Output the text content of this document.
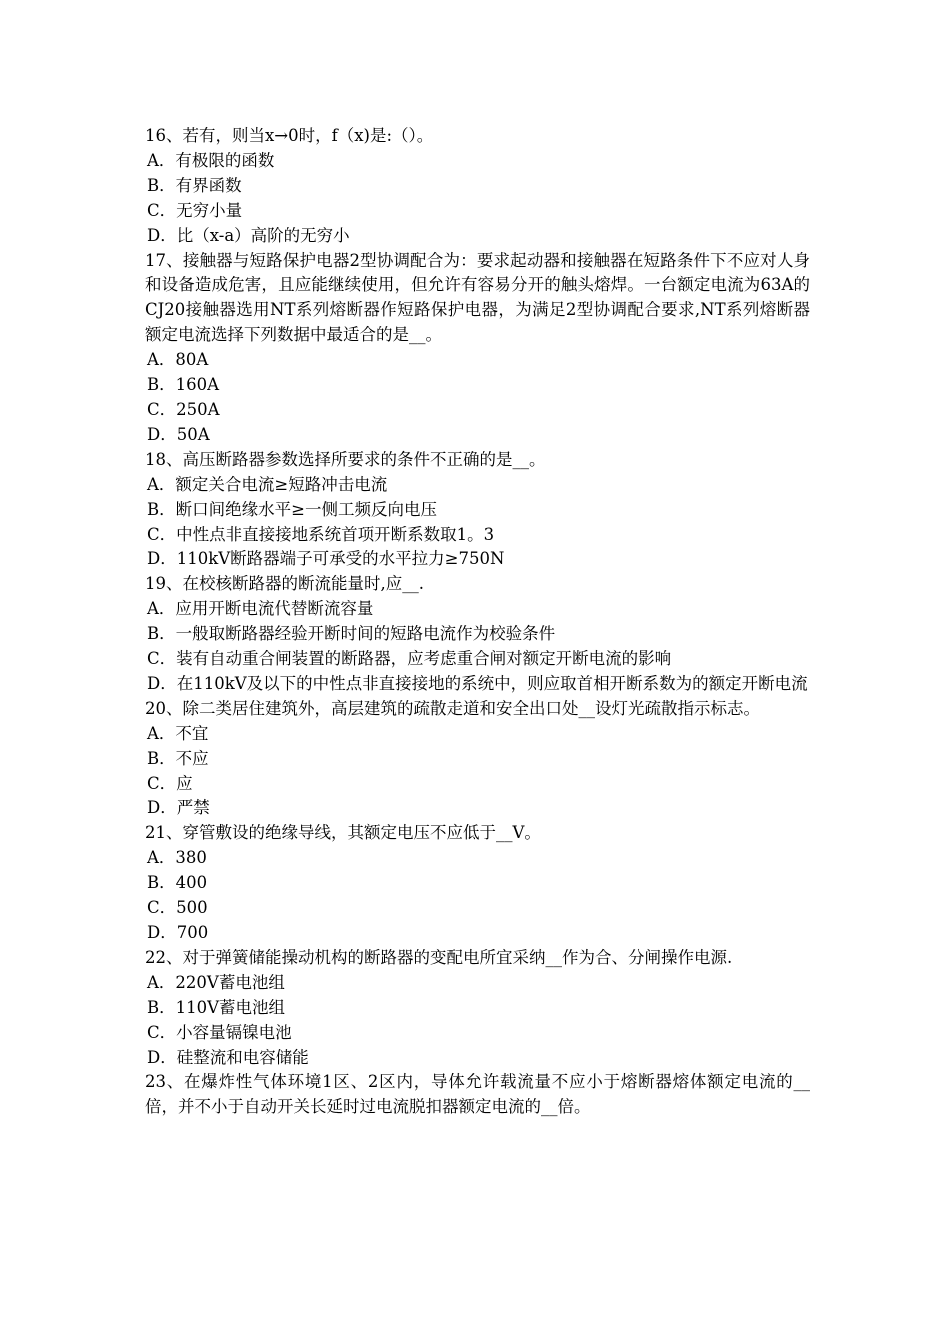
16、若有，则当x→0时，f（x)是:（）。

A．有极限的函数

B．有界函数

C．无穷小量

D．比（x-a）高阶的无穷小

17、接触器与短路保护电器2型协调配合为：要求起动器和接触器在短路条件下不应对人身和设备造成危害，且应能继续使用，但允许有容易分开的触头熔焊。一台额定电流为63A的CJ20接触器选用NT系列熔断器作短路保护电器，为满足2型协调配合要求,NT系列熔断器额定电流选择下列数据中最适合的是__。

A．80A

B．160A

C．250A

D．50A

18、高压断路器参数选择所要求的条件不正确的是__。

A．额定关合电流≥短路冲击电流

B．断口间绝缘水平≥一侧工频反向电压

C．中性点非直接接地系统首项开断系数取1。3

D．110kV断路器端子可承受的水平拉力≥750N

19、在校核断路器的断流能量时,应__.

A．应用开断电流代替断流容量

B．一般取断路器经验开断时间的短路电流作为校验条件

C．装有自动重合闸装置的断路器，应考虑重合闸对额定开断电流的影响

D．在110kV及以下的中性点非直接接地的系统中，则应取首相开断系数为的额定开断电流

20、除二类居住建筑外，高层建筑的疏散走道和安全出口处__设灯光疏散指示标志。

A．不宜

B．不应

C．应

D．严禁

21、穿管敷设的绝缘导线，其额定电压不应低于__V。

A．380

B．400

C．500

D．700

22、对于弹簧储能操动机构的断路器的变配电所宜采纳__作为合、分闸操作电源.

A．220V蓄电池组

B．110V蓄电池组

C．小容量镉镍电池

D．硅整流和电容储能

23、在爆炸性气体环境1区、2区内，导体允许载流量不应小于熔断器熔体额定电流的__倍，并不小于自动开关长延时过电流脱扣器额定电流的__倍。
